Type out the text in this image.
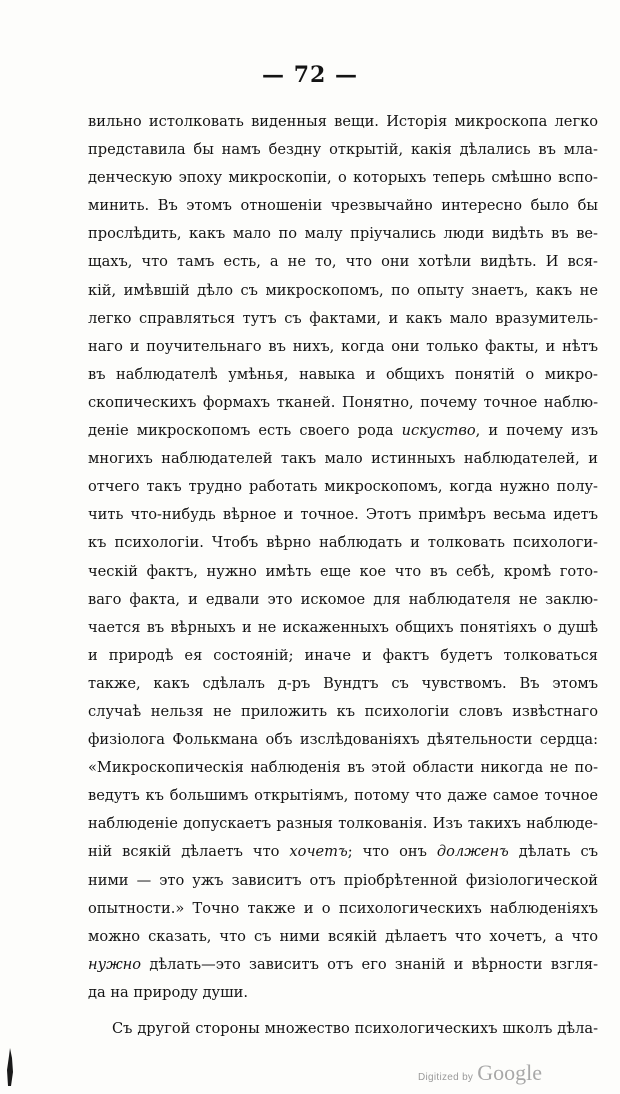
— 72 —
вильно истолковать виденныя вещи. Исторія микроскопа легко
представила бы намъ бездну открытій, какія дѣлались въ мла-
денческую эпоху микроскопіи, о которыхъ теперь смѣшно вспо-
минить. Въ этомъ отношеніи чрезвычайно интересно было бы
прослѣдить, какъ мало по малу пріучались люди видѣть въ ве-
щахъ, что тамъ есть, а не то, что они хотѣли видѣть. И вся-
кій, имѣвшій дѣло съ микроскопомъ, по опыту знаетъ, какъ не
легко справляться тутъ съ фактами, и какъ мало вразумитель-
наго и поучительнаго въ нихъ, когда они только факты, и нѣтъ
въ наблюдателѣ умѣнья, навыка и общихъ понятій о микро-
скопическихъ формахъ тканей. Понятно, почему точное наблю-
деніе микроскопомъ есть своего рода искуство, и почему изъ
многихъ наблюдателей такъ мало истинныхъ наблюдателей, и
отчего такъ трудно работать микроскопомъ, когда нужно полу-
чить что-нибудь вѣрное и точное. Этотъ примѣръ весьма идетъ
къ психологіи. Чтобъ вѣрно наблюдать и толковать психологи-
ческій фактъ, нужно имѣть еще кое что въ себѣ, кромѣ гото-
ваго факта, и едвали это искомое для наблюдателя не заклю-
чается въ вѣрныхъ и не искаженныхъ общихъ понятіяхъ о душѣ
и природѣ ея состояній; иначе и фактъ будетъ толковаться
также, какъ сдѣлалъ д-ръ Вундтъ съ чувствомъ. Въ этомъ
случаѣ нельзя не приложить къ психологіи словъ извѣстнаго
физіолога Фолькмана объ изслѣдованіяхъ дѣятельности сердца:
«Микроскопическія наблюденія въ этой области никогда не по-
ведутъ къ большимъ открытіямъ, потому что даже самое точное
наблюденіе допускаетъ разныя толкованія. Изъ такихъ наблюде-
ній всякій дѣлаетъ что хочетъ; что онъ долженъ дѣлать съ
ними — это ужъ зависитъ отъ пріобрѣтенной физіологической
опытности.» Точно также и о психологическихъ наблюденіяхъ
можно сказать, что съ ними всякій дѣлаетъ что хочетъ, а что
нужно дѣлать—это зависитъ отъ его знаній и вѣрности взгля-
да на природу души.
Съ другой стороны множество психологическихъ школъ дѣла-
Digitized by Google
